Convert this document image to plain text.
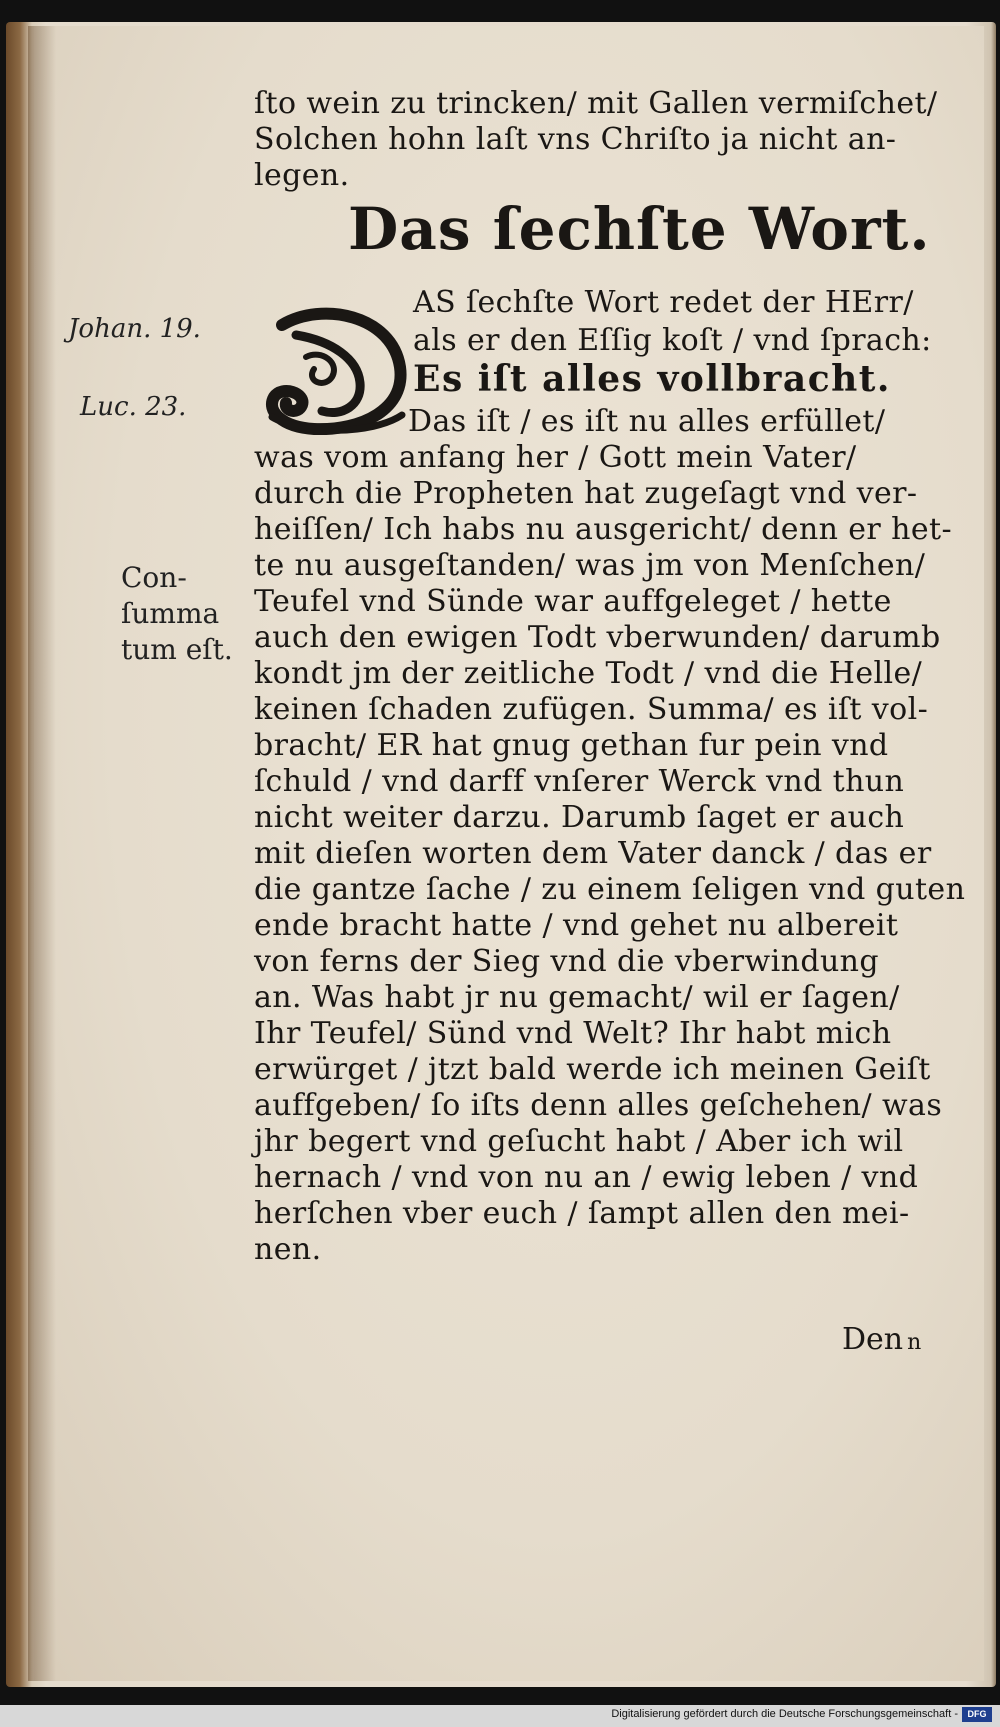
ſto wein zu trincken/ mit Gallen vermiſchet/
Solchen hohn laſt vns Chriſto ja nicht an-
legen.
Das ſechſte Wort.
AS ſechſte Wort redet der HErr/
als er den Eſſig koſt / vnd ſprach:
Es iſt alles vollbracht.
Das iſt / es iſt nu alles erfüllet/
was vom anfang her / Gott mein Vater/
durch die Propheten hat zugeſagt vnd ver-
heiſſen/ Ich habs nu ausgericht/ denn er het-
te nu ausgeſtanden/ was jm von Menſchen/
Teufel vnd Sünde war auffgeleget / hette
auch den ewigen Todt vberwunden/ darumb
kondt jm der zeitliche Todt / vnd die Helle/
keinen ſchaden zufügen. Summa/ es iſt vol-
bracht/ ER hat gnug gethan fur pein vnd
ſchuld / vnd darff vnſerer Werck vnd thun
nicht weiter darzu. Darumb ſaget er auch
mit dieſen worten dem Vater danck / das er
die gantze ſache / zu einem ſeligen vnd guten
ende bracht hatte / vnd gehet nu albereit
von ferns der Sieg vnd die vberwindung
an. Was habt jr nu gemacht/ wil er ſagen/
Ihr Teufel/ Sünd vnd Welt? Ihr habt mich
erwürget / jtzt bald werde ich meinen Geiſt
auffgeben/ ſo iſts denn alles geſchehen/ was
jhr begert vnd geſucht habt / Aber ich wil
hernach / vnd von nu an / ewig leben / vnd
herſchen vber euch / ſampt allen den mei-
nen.
Den n
Johan. 19.
Luc. 23.
Con-
ſumma
tum eſt.
Digitalisierung gefördert durch die Deutsche Forschungsgemeinschaft -	DFG
